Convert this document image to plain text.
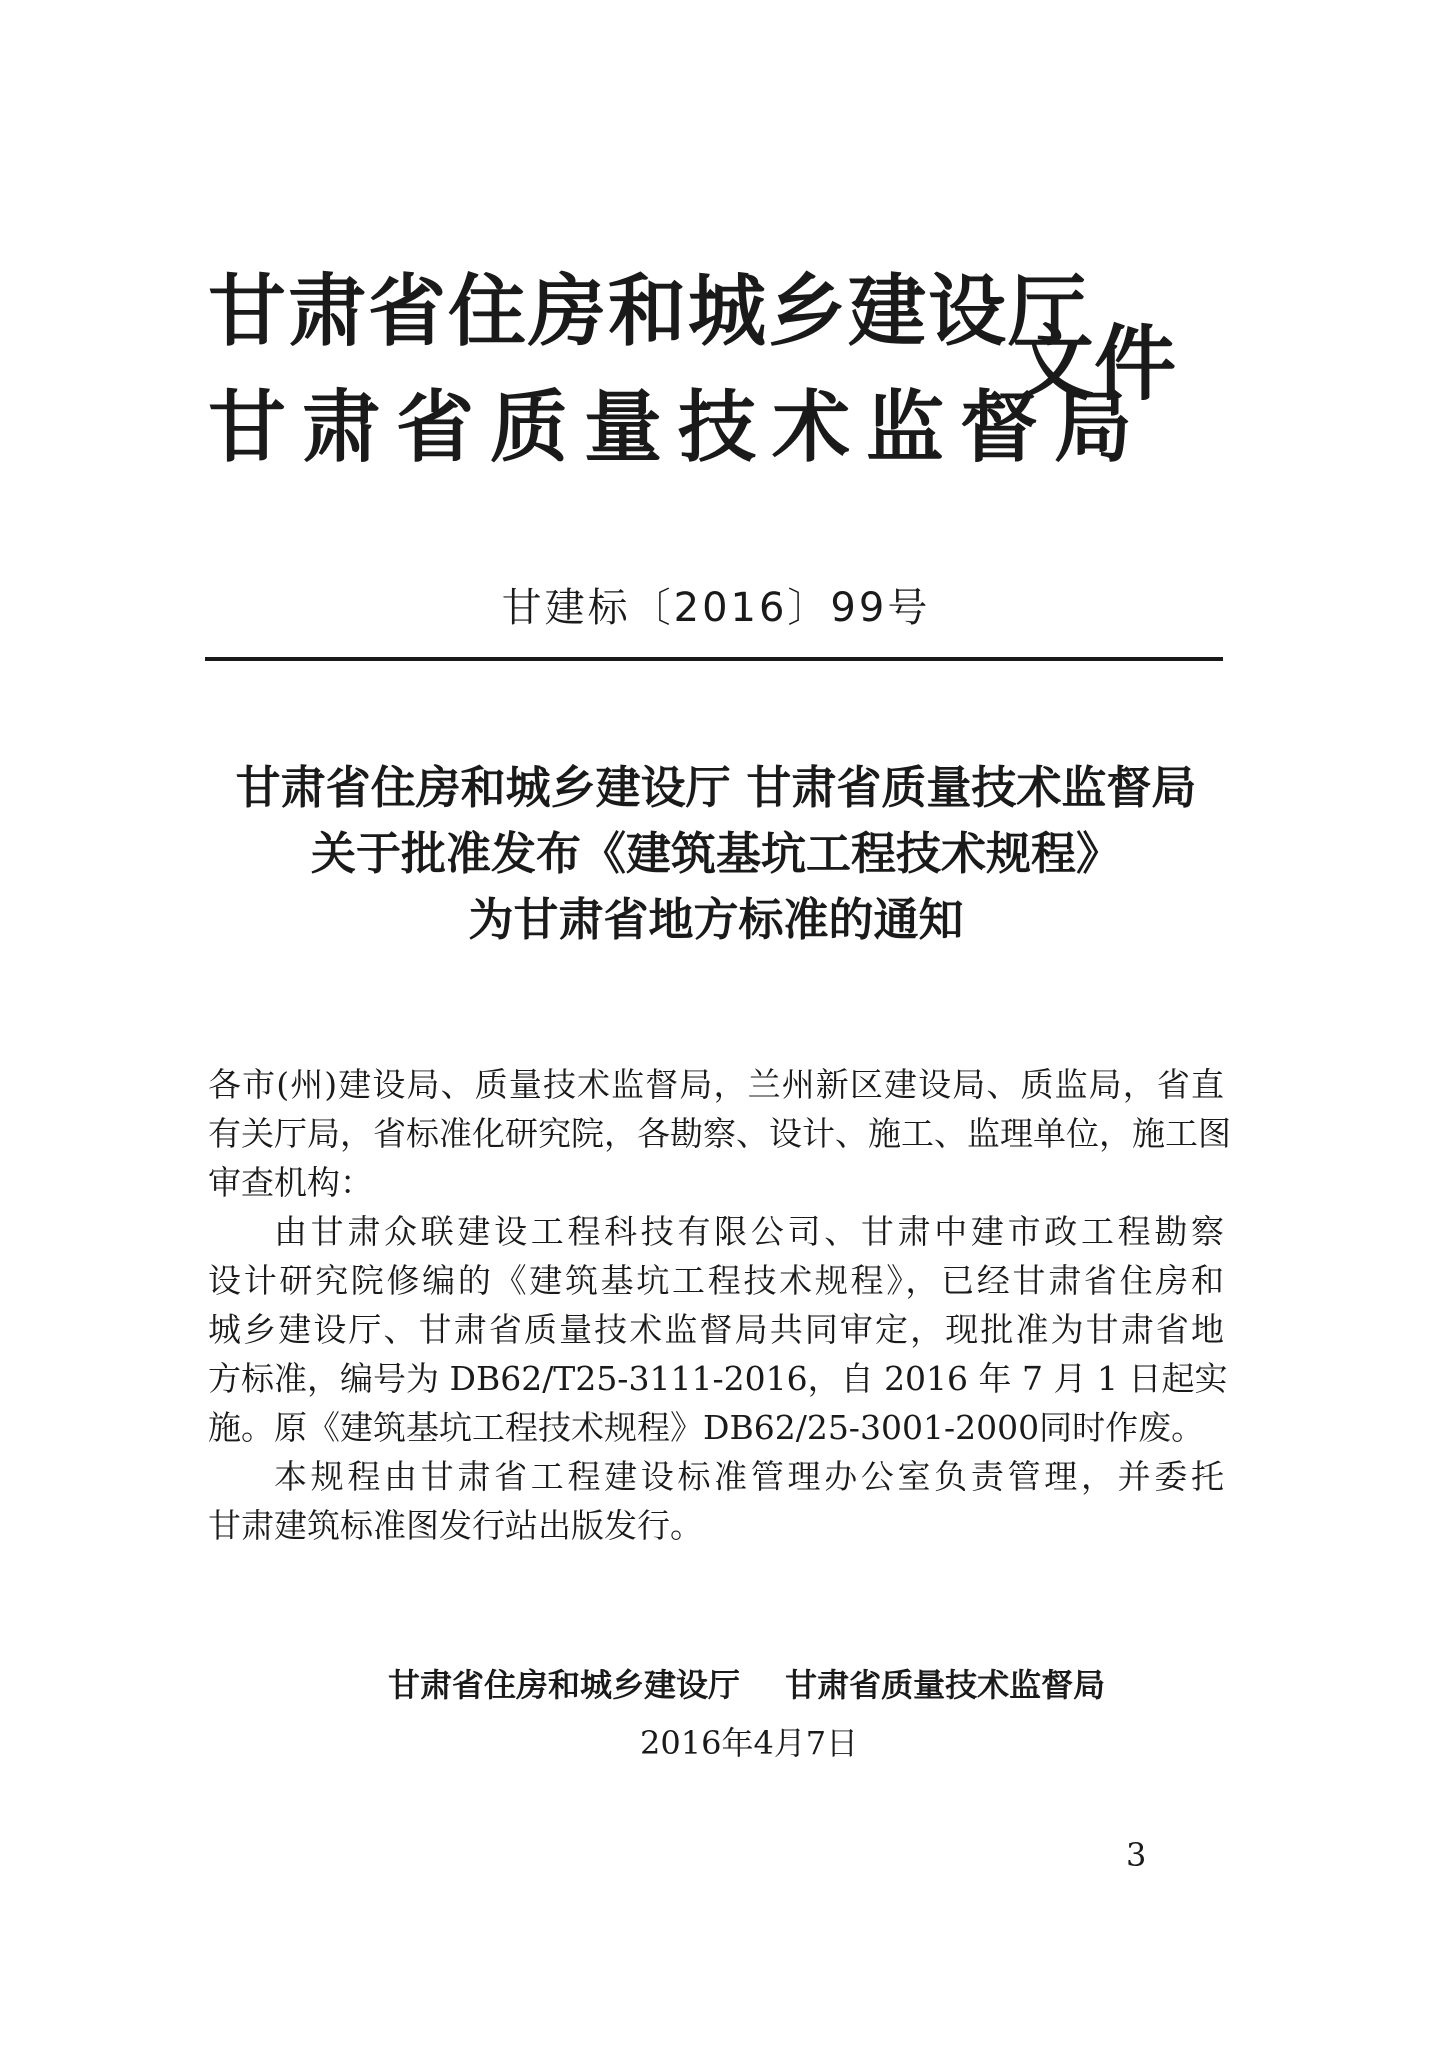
甘肃省住房和城乡建设厅
甘肃省质量技术监督局
文件
甘建标〔2016〕99号
甘肃省住房和城乡建设厅 甘肃省质量技术监督局
关于批准发布《建筑基坑工程技术规程》
为甘肃省地方标准的通知
各市(州)建设局、质量技术监督局，兰州新区建设局、质监局，省直
有关厅局，省标准化研究院，各勘察、设计、施工、监理单位，施工图
审查机构：
由甘肃众联建设工程科技有限公司、甘肃中建市政工程勘察
设计研究院修编的《建筑基坑工程技术规程》，已经甘肃省住房和
城乡建设厅、甘肃省质量技术监督局共同审定，现批准为甘肃省地
方标准，编号为 DB62/T25-3111-2016，自 2016 年 7 月 1 日起实
施。原《建筑基坑工程技术规程》DB62/25-3001-2000同时作废。
本规程由甘肃省工程建设标准管理办公室负责管理，并委托
甘肃建筑标准图发行站出版发行。
甘肃省住房和城乡建设厅 甘肃省质量技术监督局
2016年4月7日
3
